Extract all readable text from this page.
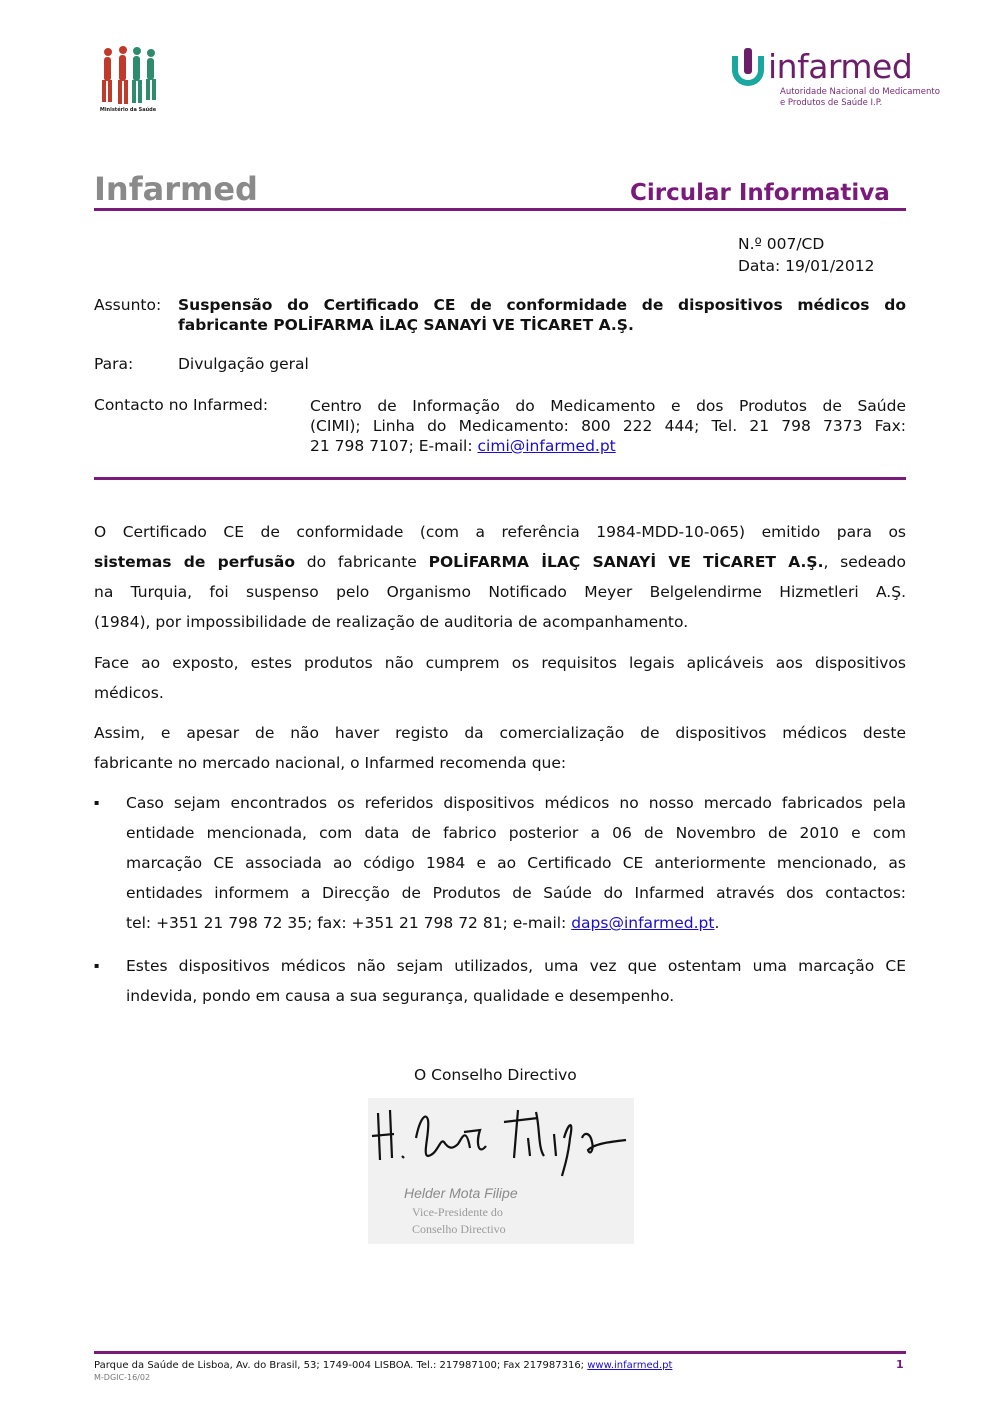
Ministério da Saúde
infarmed
Autoridade Nacional do Medicamento
e Produtos de Saúde I.P.
Infarmed	Circular Informativa
N.º 007/CD
Data: 19/01/2012
Assunto: Suspensão do Certificado CE de conformidade de dispositivos médicos do
fabricante POLİFARMA İLAÇ SANAYİ VE TİCARET A.Ş.
Para:	Divulgação geral
Contacto no Infarmed:	Centro de Informação do Medicamento e dos Produtos de Saúde
(CIMI); Linha do Medicamento: 800 222 444; Tel. 21 798 7373 Fax:
21 798 7107; E-mail: cimi@infarmed.pt
O Certificado CE de conformidade (com a referência 1984-MDD-10-065) emitido para os
sistemas de perfusão do fabricante POLİFARMA İLAÇ SANAYİ VE TİCARET A.Ş., sedeado
na Turquia, foi suspenso pelo Organismo Notificado Meyer Belgelendirme Hizmetleri A.Ş.
(1984), por impossibilidade de realização de auditoria de acompanhamento.
Face ao exposto, estes produtos não cumprem os requisitos legais aplicáveis aos dispositivos
médicos.
Assim, e apesar de não haver registo da comercialização de dispositivos médicos deste
fabricante no mercado nacional, o Infarmed recomenda que:
▪ Caso sejam encontrados os referidos dispositivos médicos no nosso mercado fabricados pela
entidade mencionada, com data de fabrico posterior a 06 de Novembro de 2010 e com
marcação CE associada ao código 1984 e ao Certificado CE anteriormente mencionado, as
entidades informem a Direcção de Produtos de Saúde do Infarmed através dos contactos:
tel: +351 21 798 72 35; fax: +351 21 798 72 81; e-mail: daps@infarmed.pt.
▪ Estes dispositivos médicos não sejam utilizados, uma vez que ostentam uma marcação CE
indevida, pondo em causa a sua segurança, qualidade e desempenho.
O Conselho Directivo
Helder Mota Filipe
Vice-Presidente do
Conselho Directivo
Parque da Saúde de Lisboa, Av. do Brasil, 53; 1749-004 LISBOA. Tel.: 217987100; Fax 217987316; www.infarmed.pt
M-DGIC-16/02
1
